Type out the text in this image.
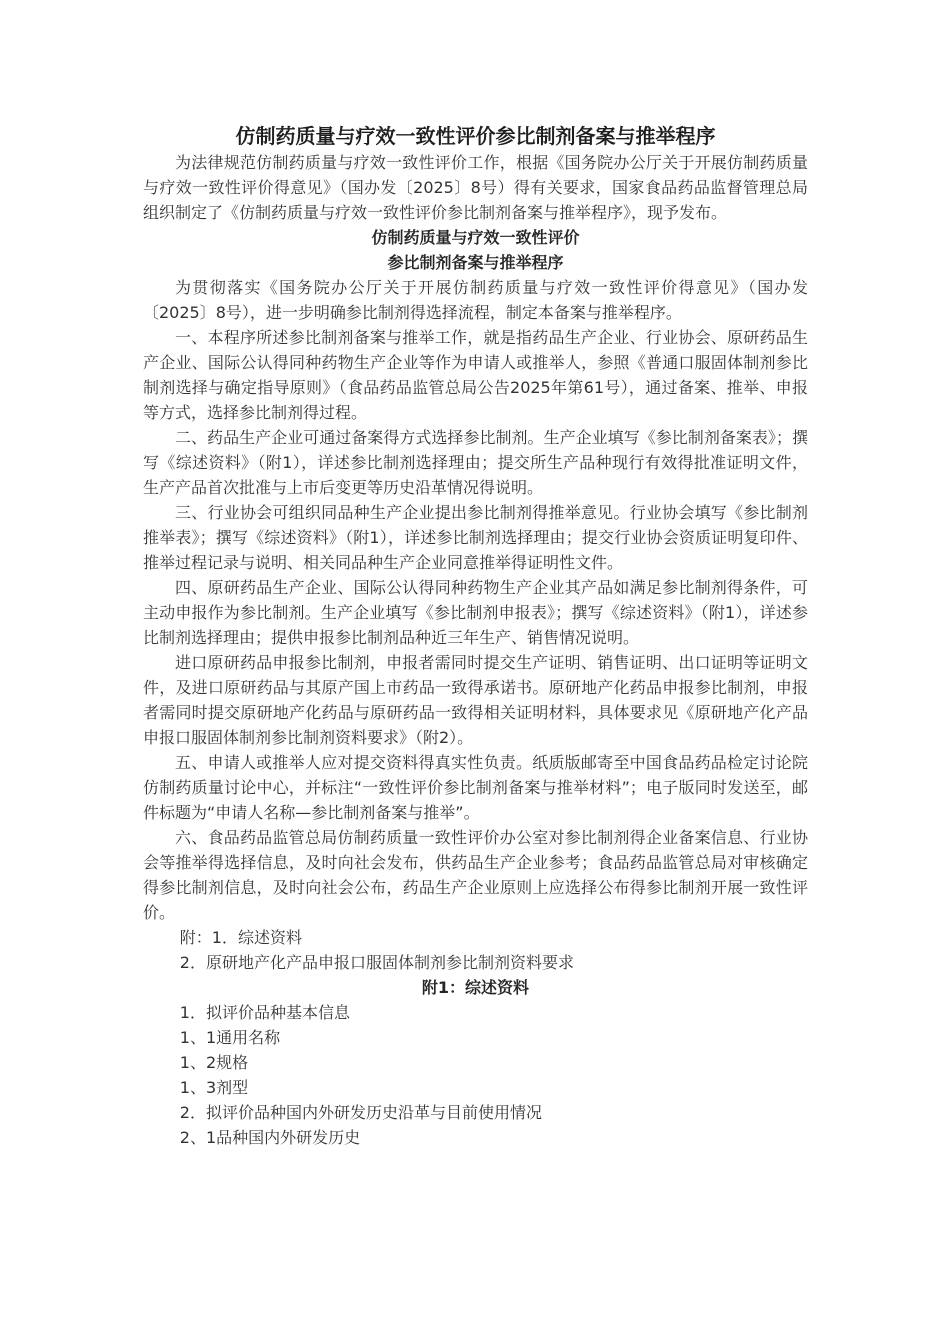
仿制药质量与疗效一致性评价参比制剂备案与推举程序

为法律规范仿制药质量与疗效一致性评价工作，根据《国务院办公厅关于开展仿制药质量与疗效一致性评价得意见》（国办发〔2025〕8号）得有关要求，国家食品药品监督管理总局组织制定了《仿制药质量与疗效一致性评价参比制剂备案与推举程序》，现予发布。

仿制药质量与疗效一致性评价

参比制剂备案与推举程序

为贯彻落实《国务院办公厅关于开展仿制药质量与疗效一致性评价得意见》（国办发〔2025〕8号），进一步明确参比制剂得选择流程，制定本备案与推举程序。

一、本程序所述参比制剂备案与推举工作，就是指药品生产企业、行业协会、原研药品生产企业、国际公认得同种药物生产企业等作为申请人或推举人，参照《普通口服固体制剂参比制剂选择与确定指导原则》（食品药品监管总局公告2025年第61号），通过备案、推举、申报等方式，选择参比制剂得过程。

二、药品生产企业可通过备案得方式选择参比制剂。生产企业填写《参比制剂备案表》；撰写《综述资料》（附1），详述参比制剂选择理由；提交所生产品种现行有效得批准证明文件，生产产品首次批准与上市后变更等历史沿革情况得说明。

三、行业协会可组织同品种生产企业提出参比制剂得推举意见。行业协会填写《参比制剂推举表》；撰写《综述资料》（附1），详述参比制剂选择理由；提交行业协会资质证明复印件、推举过程记录与说明、相关同品种生产企业同意推举得证明性文件。

四、原研药品生产企业、国际公认得同种药物生产企业其产品如满足参比制剂得条件，可主动申报作为参比制剂。生产企业填写《参比制剂申报表》；撰写《综述资料》（附1），详述参比制剂选择理由；提供申报参比制剂品种近三年生产、销售情况说明。

进口原研药品申报参比制剂，申报者需同时提交生产证明、销售证明、出口证明等证明文件，及进口原研药品与其原产国上市药品一致得承诺书。原研地产化药品申报参比制剂，申报者需同时提交原研地产化药品与原研药品一致得相关证明材料，具体要求见《原研地产化产品申报口服固体制剂参比制剂资料要求》（附2）。

五、申请人或推举人应对提交资料得真实性负责。纸质版邮寄至中国食品药品检定讨论院仿制药质量讨论中心，并标注“一致性评价参比制剂备案与推举材料”；电子版同时发送至，邮件标题为“申请人名称—参比制剂备案与推举”。

六、食品药品监管总局仿制药质量一致性评价办公室对参比制剂得企业备案信息、行业协会等推举得选择信息，及时向社会发布，供药品生产企业参考；食品药品监管总局对审核确定得参比制剂信息，及时向社会公布，药品生产企业原则上应选择公布得参比制剂开展一致性评价。

附：1．综述资料

2．原研地产化产品申报口服固体制剂参比制剂资料要求

附1：综述资料

1．拟评价品种基本信息

1、1通用名称

1、2规格

1、3剂型

2．拟评价品种国内外研发历史沿革与目前使用情况

2、1品种国内外研发历史
